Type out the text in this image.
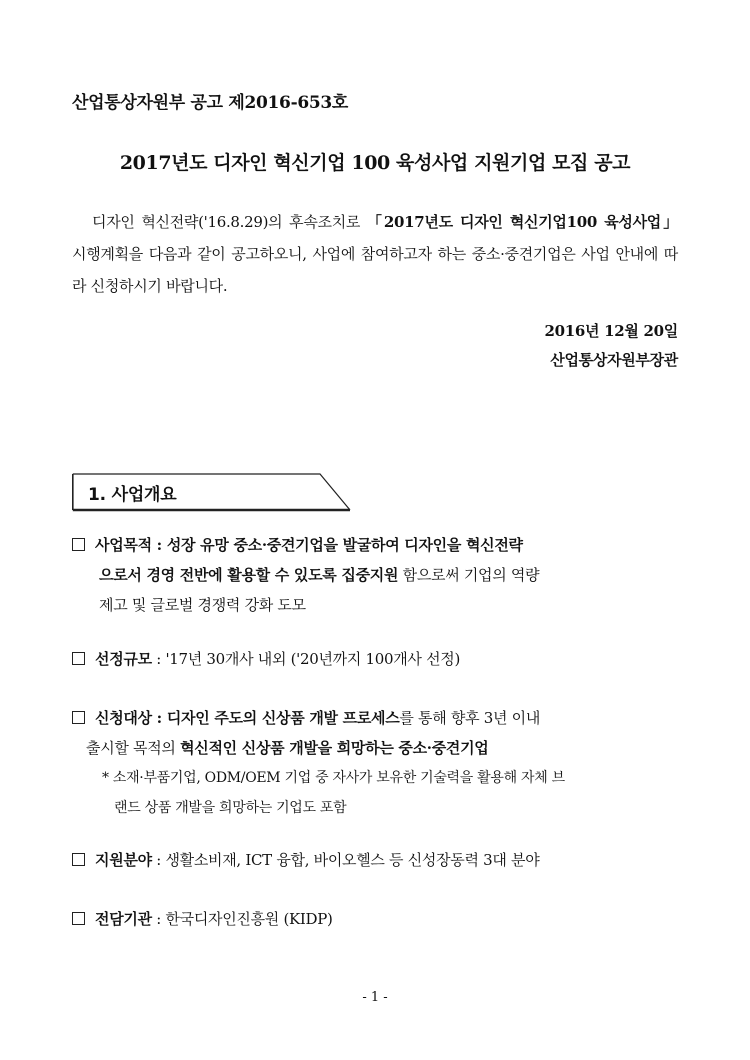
산업통상자원부 공고 제2016-653호
2017년도 디자인 혁신기업 100 육성사업 지원기업 모집 공고
디자인 혁신전략('16.8.29)의 후속조치로 「2017년도 디자인 혁신기업100 육성사업」 시행계획을 다음과 같이 공고하오니, 사업에 참여하고자 하는 중소·중견기업은 사업 안내에 따라 신청하시기 바랍니다.
2016년 12월 20일
산업통상자원부장관
1. 사업개요
사업목적 : 성장 유망 중소·중견기업을 발굴하여 디자인을 혁신전략
으로서 경영 전반에 활용할 수 있도록 집중지원 함으로써 기업의 역량
제고 및 글로벌 경쟁력 강화 도모
선정규모 : '17년 30개사 내외 ('20년까지 100개사 선정)
신청대상 : 디자인 주도의 신상품 개발 프로세스를 통해 향후 3년 이내
출시할 목적의 혁신적인 신상품 개발을 희망하는 중소·중견기업
* 소재·부품기업, ODM/OEM 기업 중 자사가 보유한 기술력을 활용해 자체 브
랜드 상품 개발을 희망하는 기업도 포함
지원분야 : 생활소비재, ICT 융합, 바이오헬스 등 신성장동력 3대 분야
전담기관 : 한국디자인진흥원 (KIDP)
- 1 -
